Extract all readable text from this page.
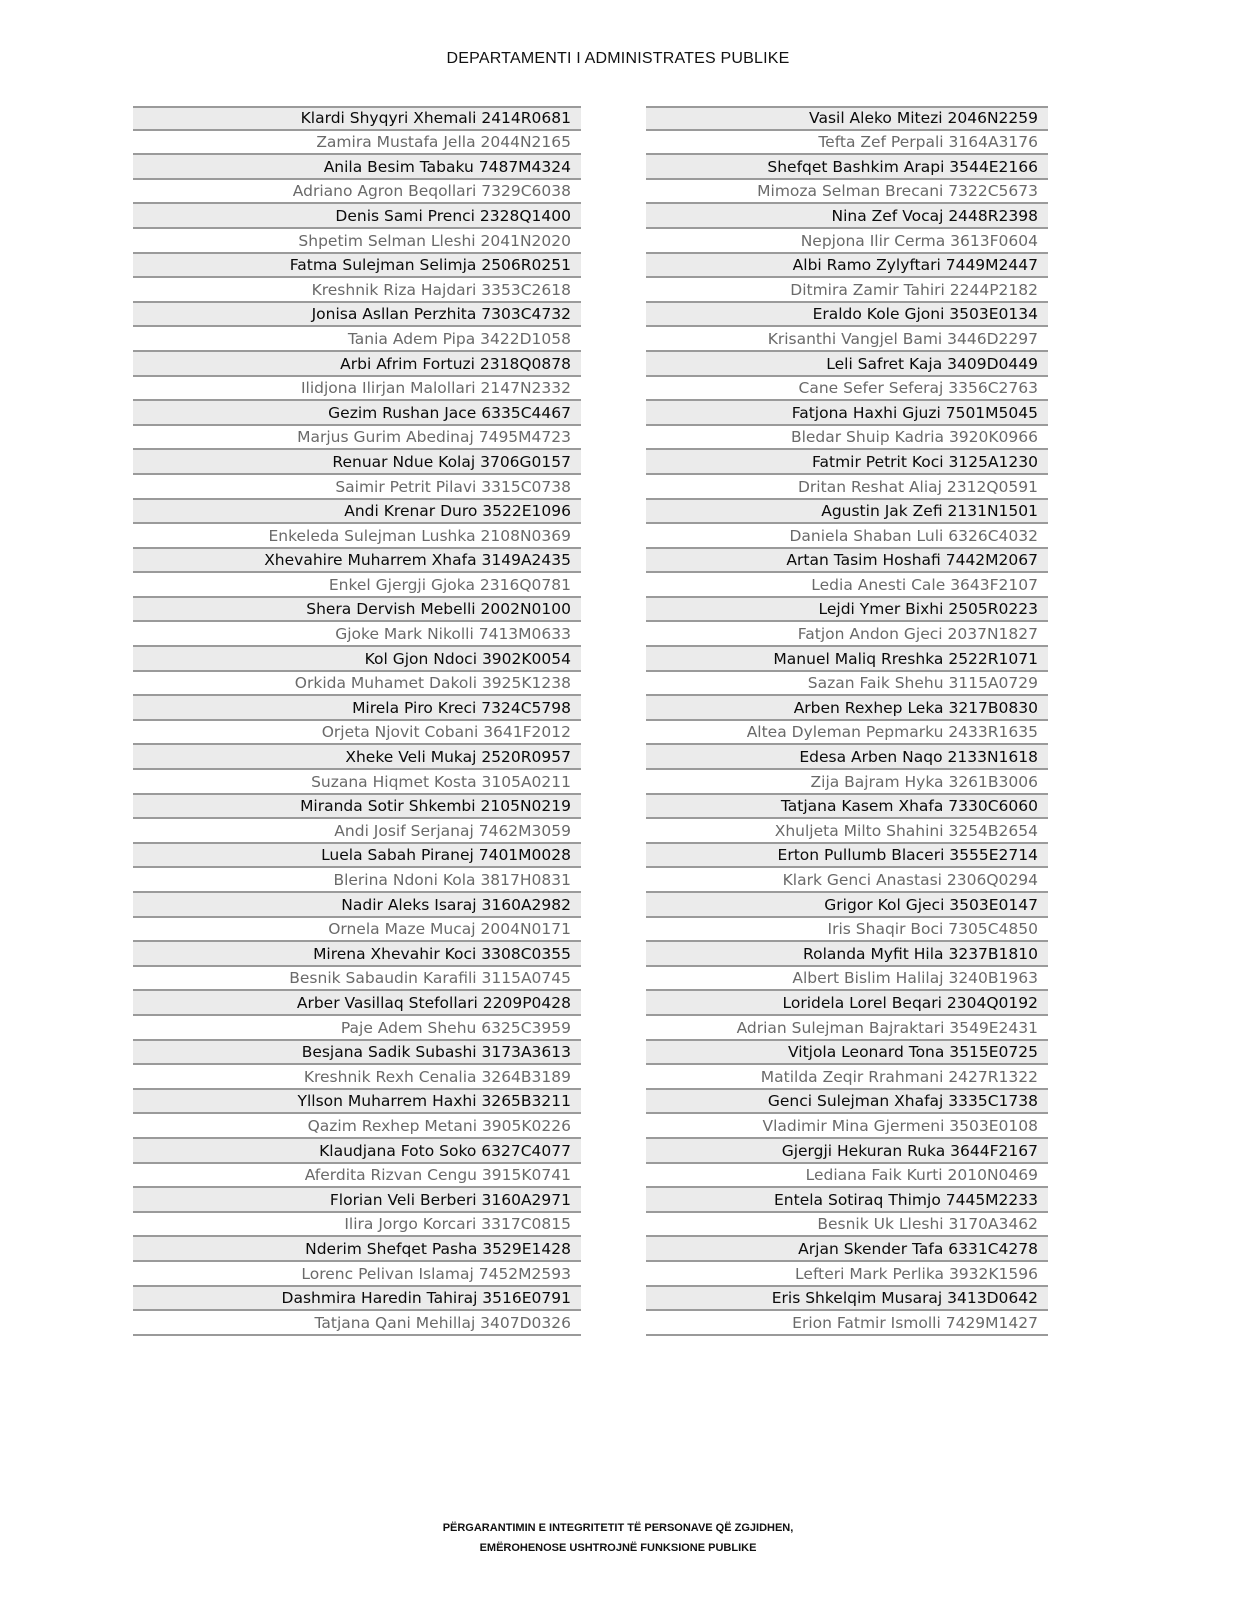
DEPARTAMENTI I ADMINISTRATES PUBLIKE
Klardi Shyqyri Xhemali 2414R0681
Zamira Mustafa Jella 2044N2165
Anila Besim Tabaku 7487M4324
Adriano Agron Beqollari 7329C6038
Denis Sami Prenci 2328Q1400
Shpetim Selman Lleshi 2041N2020
Fatma Sulejman Selimja 2506R0251
Kreshnik Riza Hajdari 3353C2618
Jonisa Asllan Perzhita 7303C4732
Tania Adem Pipa 3422D1058
Arbi Afrim Fortuzi 2318Q0878
Ilidjona Ilirjan Malollari 2147N2332
Gezim Rushan Jace 6335C4467
Marjus Gurim Abedinaj 7495M4723
Renuar Ndue Kolaj 3706G0157
Saimir Petrit Pilavi 3315C0738
Andi Krenar Duro 3522E1096
Enkeleda Sulejman Lushka 2108N0369
Xhevahire Muharrem Xhafa 3149A2435
Enkel Gjergji Gjoka 2316Q0781
Shera Dervish Mebelli 2002N0100
Gjoke Mark Nikolli 7413M0633
Kol Gjon Ndoci 3902K0054
Orkida Muhamet Dakoli 3925K1238
Mirela Piro Kreci 7324C5798
Orjeta Njovit Cobani 3641F2012
Xheke Veli Mukaj 2520R0957
Suzana Hiqmet Kosta 3105A0211
Miranda Sotir Shkembi 2105N0219
Andi Josif Serjanaj 7462M3059
Luela Sabah Piranej 7401M0028
Blerina Ndoni Kola 3817H0831
Nadir Aleks Isaraj 3160A2982
Ornela Maze Mucaj 2004N0171
Mirena Xhevahir Koci 3308C0355
Besnik Sabaudin Karafili 3115A0745
Arber Vasillaq Stefollari 2209P0428
Paje Adem Shehu 6325C3959
Besjana Sadik Subashi 3173A3613
Kreshnik Rexh Cenalia 3264B3189
Yllson Muharrem Haxhi 3265B3211
Qazim Rexhep Metani 3905K0226
Klaudjana Foto Soko 6327C4077
Aferdita Rizvan Cengu 3915K0741
Florian Veli Berberi 3160A2971
Ilira Jorgo Korcari 3317C0815
Nderim Shefqet Pasha 3529E1428
Lorenc Pelivan Islamaj 7452M2593
Dashmira Haredin Tahiraj 3516E0791
Tatjana Qani Mehillaj 3407D0326
Vasil Aleko Mitezi 2046N2259
Tefta Zef Perpali 3164A3176
Shefqet Bashkim Arapi 3544E2166
Mimoza Selman Brecani 7322C5673
Nina Zef Vocaj 2448R2398
Nepjona Ilir Cerma 3613F0604
Albi Ramo Zylyftari 7449M2447
Ditmira Zamir Tahiri 2244P2182
Eraldo Kole Gjoni 3503E0134
Krisanthi Vangjel Bami 3446D2297
Leli Safret Kaja 3409D0449
Cane Sefer Seferaj 3356C2763
Fatjona Haxhi Gjuzi 7501M5045
Bledar Shuip Kadria 3920K0966
Fatmir Petrit Koci 3125A1230
Dritan Reshat Aliaj 2312Q0591
Agustin Jak Zefi 2131N1501
Daniela Shaban Luli 6326C4032
Artan Tasim Hoshafi 7442M2067
Ledia Anesti Cale 3643F2107
Lejdi Ymer Bixhi 2505R0223
Fatjon Andon Gjeci 2037N1827
Manuel Maliq Rreshka 2522R1071
Sazan Faik Shehu 3115A0729
Arben Rexhep Leka 3217B0830
Altea Dyleman Pepmarku 2433R1635
Edesa Arben Naqo 2133N1618
Zija Bajram Hyka 3261B3006
Tatjana Kasem Xhafa 7330C6060
Xhuljeta Milto Shahini 3254B2654
Erton Pullumb Blaceri 3555E2714
Klark Genci Anastasi 2306Q0294
Grigor Kol Gjeci 3503E0147
Iris Shaqir Boci 7305C4850
Rolanda Myfit Hila 3237B1810
Albert Bislim Halilaj 3240B1963
Loridela Lorel Beqari 2304Q0192
Adrian Sulejman Bajraktari 3549E2431
Vitjola Leonard Tona 3515E0725
Matilda Zeqir Rrahmani 2427R1322
Genci Sulejman Xhafaj 3335C1738
Vladimir Mina Gjermeni 3503E0108
Gjergji Hekuran Ruka 3644F2167
Lediana Faik Kurti 2010N0469
Entela Sotiraq Thimjo 7445M2233
Besnik Uk Lleshi 3170A3462
Arjan Skender Tafa 6331C4278
Lefteri Mark Perlika 3932K1596
Eris Shkelqim Musaraj 3413D0642
Erion Fatmir Ismolli 7429M1427
PËRGARANTIMIN E INTEGRITETIT TË PERSONAVE QË ZGJIDHEN,
EMËROHENOSE USHTROJNË FUNKSIONE PUBLIKE
